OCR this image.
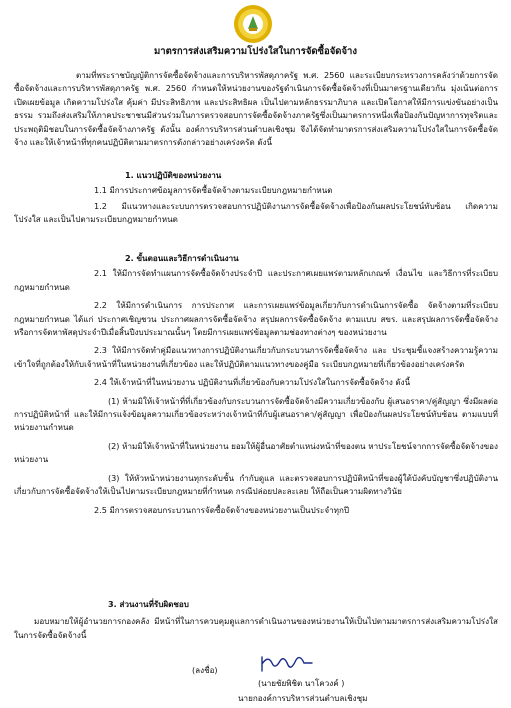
มาตรการส่งเสริมความโปร่งใสในการจัดซื้อจัดจ้าง

ตามที่พระราชบัญญัติการจัดซื้อจัดจ้างและการบริหารพัสดุภาครัฐ พ.ศ. 2560 และระเบียบกระทรวงการคลังว่าด้วยการจัดซื้อจัดจ้างและการบริหารพัสดุภาครัฐ พ.ศ. 2560 กำหนดให้หน่วยงานของรัฐดำเนินการจัดซื้อจัดจ้างที่เป็นมาตรฐานเดียวกัน มุ่งเน้นต่อการเปิดเผยข้อมูล เกิดความโปร่งใส คุ้มค่า มีประสิทธิภาพ และประสิทธิผล เป็นไปตามหลักธรรมาภิบาล และเปิดโอกาสให้มีการแข่งขันอย่างเป็นธรรม รวมถึงส่งเสริมให้ภาคประชาชนมีส่วนร่วมในการตรวจสอบการจัดซื้อจัดจ้างภาครัฐซึ่งเป็นมาตรการหนึ่งเพื่อป้องกันปัญหาการทุจริตและประพฤติมิชอบในการจัดซื้อจัดจ้างภาครัฐ ดังนั้น องค์การบริหารส่วนตำบลเชิงชุม จึงได้จัดทำมาตรการส่งเสริมความโปร่งใสในการจัดซื้อจัดจ้าง และให้เจ้าหน้าที่ทุกคนปฏิบัติตามมาตรการดังกล่าวอย่างเคร่งครัด ดังนี้

1. แนวปฏิบัติของหน่วยงาน

1.1 มีการประกาศข้อมูลการจัดซื้อจัดจ้างตามระเบียบกฎหมายกำหนด

1.2 มีแนวทางและระบบการตรวจสอบการปฏิบัติงานการจัดซื้อจัดจ้างเพื่อป้องกันผลประโยชน์ทับซ้อน เกิดความโปร่งใส และเป็นไปตามระเบียบกฎหมายกำหนด

2. ขั้นตอนและวิธีการดำเนินงาน

2.1 ให้มีการจัดทำแผนการจัดซื้อจัดจ้างประจำปี และประกาศเผยแพร่ตามหลักเกณฑ์ เงื่อนไข และวิธีการที่ระเบียบกฎหมายกำหนด

2.2 ให้มีการดำเนินการ การประกาศ และการเผยแพร่ข้อมูลเกี่ยวกับการดำเนินการจัดซื้อ จัดจ้างตามที่ระเบียบกฎหมายกำหนด ได้แก่ ประกาศเชิญชวน ประกาศผลการจัดซื้อจัดจ้าง สรุปผลการจัดซื้อจัดจ้าง ตามแบบ สขร. และสรุปผลการจัดซื้อจัดจ้างหรือการจัดหาพัสดุประจำปีเมื่อสิ้นปีงบประมาณนั้นๆ โดยมีการเผยแพร่ข้อมูลตามช่องทางต่างๆ ของหน่วยงาน

2.3 ให้มีการจัดทำคู่มือแนวทางการปฏิบัติงานเกี่ยวกับกระบวนการจัดซื้อจัดจ้าง และ ประชุมชี้แจงสร้างความรู้ความเข้าใจที่ถูกต้องให้กับเจ้าหน้าที่ในหน่วยงานที่เกี่ยวข้อง และให้ปฏิบัติตามแนวทางของคู่มือ ระเบียบกฎหมายที่เกี่ยวข้องอย่างเคร่งครัด

2.4 ให้เจ้าหน้าที่ในหน่วยงาน ปฏิบัติงานที่เกี่ยวข้องกับความโปร่งใสในการจัดซื้อจัดจ้าง ดังนี้

(1) ห้ามมิให้เจ้าหน้าที่ที่เกี่ยวข้องกับกระบวนการจัดซื้อจัดจ้างมีความเกี่ยวข้องกับ ผู้เสนอราคา/คู่สัญญา ซึ่งมีผลต่อการปฏิบัติหน้าที่ และให้มีการแจ้งข้อมูลความเกี่ยวข้องระหว่างเจ้าหน้าที่กับผู้เสนอราคา/คู่สัญญา เพื่อป้องกันผลประโยชน์ทับซ้อน ตามแบบที่หน่วยงานกำหนด

(2) ห้ามมิให้เจ้าหน้าที่ในหน่วยงาน ยอมให้ผู้อื่นอาศัยตำแหน่งหน้าที่ของตน หาประโยชน์จากการจัดซื้อจัดจ้างของหน่วยงาน

(3) ให้หัวหน้าหน่วยงานทุกระดับชั้น กำกับดูแล และตรวจสอบการปฏิบัติหน้าที่ของผู้ใต้บังคับบัญชาซึ่งปฏิบัติงานเกี่ยวกับการจัดซื้อจัดจ้างให้เป็นไปตามระเบียบกฎหมายที่กำหนด กรณีปล่อยปละละเลย ให้ถือเป็นความผิดทางวินัย

2.5 มีการตรวจสอบกระบวนการจัดซื้อจัดจ้างของหน่วยงานเป็นประจำทุกปี

3. ส่วนงานที่รับผิดชอบ

มอบหมายให้ผู้อำนวยการกองคลัง มีหน้าที่ในการควบคุมดูแลการดำเนินงานของหน่วยงานให้เป็นไปตามมาตรการส่งเสริมความโปร่งใสในการจัดซื้อจัดจ้างนี้

(ลงชื่อ)
(นายชัยพิชิต นาโควงค์ )
นายกองค์การบริหารส่วนตำบลเชิงชุม
